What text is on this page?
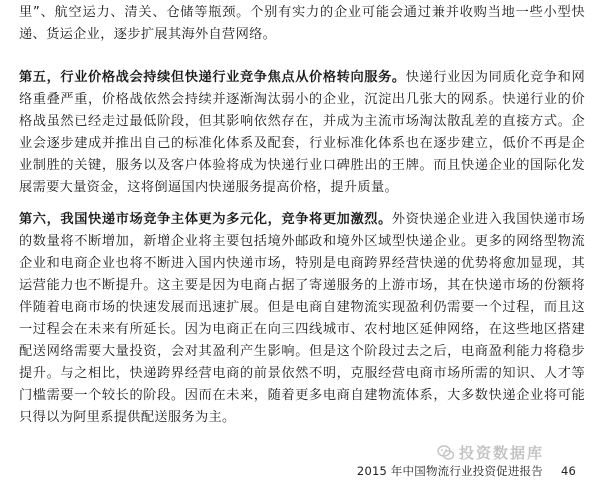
里”、航空运力、清关、仓储等瓶颈。个别有实力的企业可能会通过兼并收购当地一些小型快递、货运企业，逐步扩展其海外自营网络。

第五，行业价格战会持续但快递行业竞争焦点从价格转向服务。快递行业因为同质化竞争和网络重叠严重，价格战依然会持续并逐渐淘汰弱小的企业，沉淀出几张大的网系。快递行业的价格战虽然已经走过最低阶段，但其影响依然存在，并成为主流市场淘汰散乱差的直接方式。企业会逐步建成并推出自己的标准化体系及配套，行业标准化体系也在逐步建立，低价不再是企业制胜的关键，服务以及客户体验将成为快递行业口碑胜出的王牌。而且快递企业的国际化发展需要大量资金，这将倒逼国内快递服务提高价格，提升质量。

第六，我国快递市场竞争主体更为多元化，竞争将更加激烈。外资快递企业进入我国快递市场的数量将不断增加，新增企业将主要包括境外邮政和境外区域型快递企业。更多的网络型物流企业和电商企业也将不断进入国内快递市场，特别是电商跨界经营快递的优势将愈加显现，其运营能力也不断提升。这主要是因为电商占据了寄递服务的上游市场，其在快递市场的份额将伴随着电商市场的快速发展而迅速扩展。但是电商自建物流实现盈利仍需要一个过程，而且这一过程会在未来有所延长。因为电商正在向三四线城市、农村地区延伸网络，在这些地区搭建配送网络需要大量投资，会对其盈利产生影响。但是这个阶段过去之后，电商盈利能力将稳步提升。与之相比，快递跨界经营电商的前景依然不明，克服经营电商市场所需的知识、人才等门槛需要一个较长的阶段。因而在未来，随着更多电商自建物流体系，大多数快递企业将可能只得以为阿里系提供配送服务为主。

投资数据库
2015 年中国物流行业投资促进报告 46
